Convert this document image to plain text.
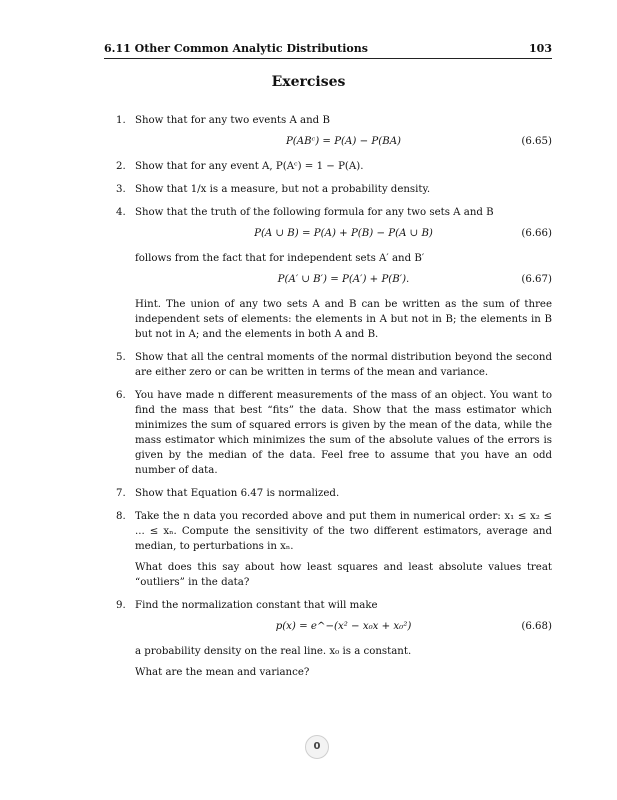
6.11 Other Common Analytic Distributions	103
Exercises
1. Show that for any two events A and B

P(ABᶜ) = P(A) − P(BA)	(6.65)
2. Show that for any event A, P(Aᶜ) = 1 − P(A).

3. Show that 1/x is a measure, but not a probability density.

4. Show that the truth of the following formula for any two sets A and B

P(A ∪ B) = P(A) + P(B) − P(A ∪ B)	(6.66)

follows from the fact that for independent sets A′ and B′

P(A′ ∪ B′) = P(A′) + P(B′).	(6.67)

Hint. The union of any two sets A and B can be written as the sum of three independent sets of elements: the elements in A but not in B; the elements in B but not in A; and the elements in both A and B.

5. Show that all the central moments of the normal distribution beyond the second are either zero or can be written in terms of the mean and variance.

6. You have made n different measurements of the mass of an object. You want to find the mass that best “fits” the data. Show that the mass estimator which minimizes the sum of squared errors is given by the mean of the data, while the mass estimator which minimizes the sum of the absolute values of the errors is given by the median of the data. Feel free to assume that you have an odd number of data.

7. Show that Equation 6.47 is normalized.

8. Take the n data you recorded above and put them in numerical order: x₁ ≤ x₂ ≤ ... ≤ xₙ. Compute the sensitivity of the two different estimators, average and median, to perturbations in xₙ.

What does this say about how least squares and least absolute values treat “outliers” in the data?

9. Find the normalization constant that will make

p(x) = e^−(x² − x₀x + x₀²)	(6.68)

a probability density on the real line. x₀ is a constant.

What are the mean and variance?

0
